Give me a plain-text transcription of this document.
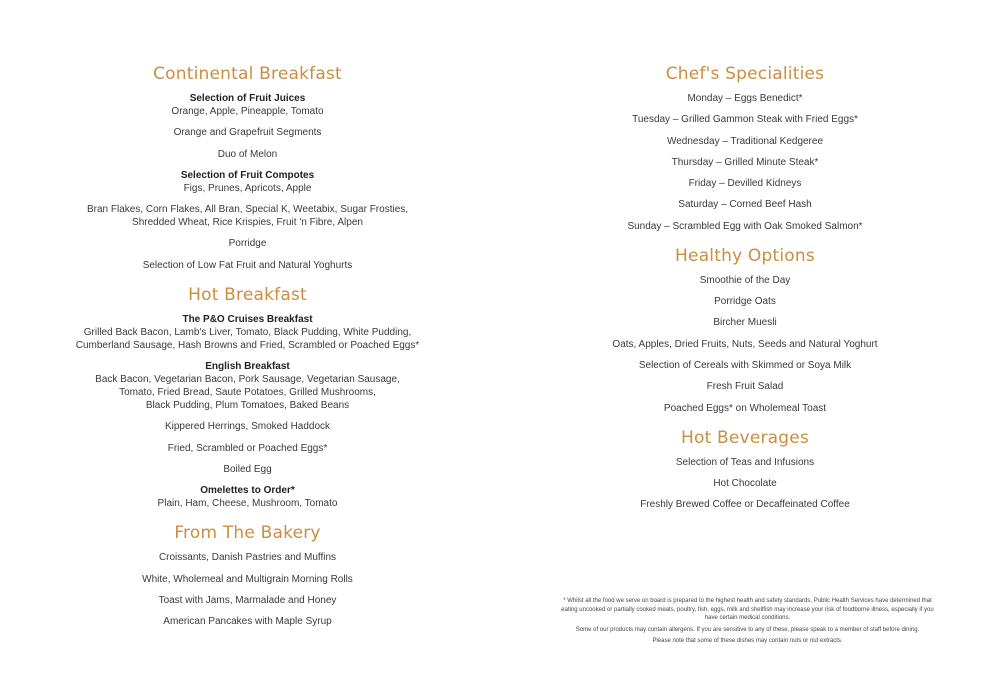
Continental Breakfast
Selection of Fruit Juices
Orange, Apple, Pineapple, Tomato
Orange and Grapefruit Segments
Duo of Melon
Selection of Fruit Compotes
Figs, Prunes, Apricots, Apple
Bran Flakes, Corn Flakes, All Bran, Special K, Weetabix, Sugar Frosties,
Shredded Wheat, Rice Krispies, Fruit 'n Fibre, Alpen
Porridge
Selection of Low Fat Fruit and Natural Yoghurts
Hot Breakfast
The P&O Cruises Breakfast
Grilled Back Bacon, Lamb's Liver, Tomato, Black Pudding, White Pudding,
Cumberland Sausage, Hash Browns and Fried, Scrambled or Poached Eggs*
English Breakfast
Back Bacon, Vegetarian Bacon, Pork Sausage, Vegetarian Sausage,
Tomato, Fried Bread, Saute Potatoes, Grilled Mushrooms,
Black Pudding, Plum Tomatoes, Baked Beans
Kippered Herrings, Smoked Haddock
Fried, Scrambled or Poached Eggs*
Boiled Egg
Omelettes to Order*
Plain, Ham, Cheese, Mushroom, Tomato
From The Bakery
Croissants, Danish Pastries and Muffins
White, Wholemeal and Multigrain Morning Rolls
Toast with Jams, Marmalade and Honey
American Pancakes with Maple Syrup
Chef's Specialities
Monday – Eggs Benedict*
Tuesday – Grilled Gammon Steak with Fried Eggs*
Wednesday – Traditional Kedgeree
Thursday – Grilled Minute Steak*
Friday – Devilled Kidneys
Saturday – Corned Beef Hash
Sunday – Scrambled Egg with Oak Smoked Salmon*
Healthy Options
Smoothie of the Day
Porridge Oats
Bircher Muesli
Oats, Apples, Dried Fruits, Nuts, Seeds and Natural Yoghurt
Selection of Cereals with Skimmed or Soya Milk
Fresh Fruit Salad
Poached Eggs* on Wholemeal Toast
Hot Beverages
Selection of Teas and Infusions
Hot Chocolate
Freshly Brewed Coffee or Decaffeinated Coffee

* Whilst all the food we serve on board is prepared to the highest health and safety standards, Public Health Services have determined that eating uncooked or partially cooked meats, poultry, fish, eggs, milk and shellfish may increase your risk of foodborne illness, especially if you have certain medical conditions.

Some of our products may contain allergens. If you are sensitive to any of these, please speak to a member of staff before dining.

Please note that some of these dishes may contain nuts or nut extracts.
